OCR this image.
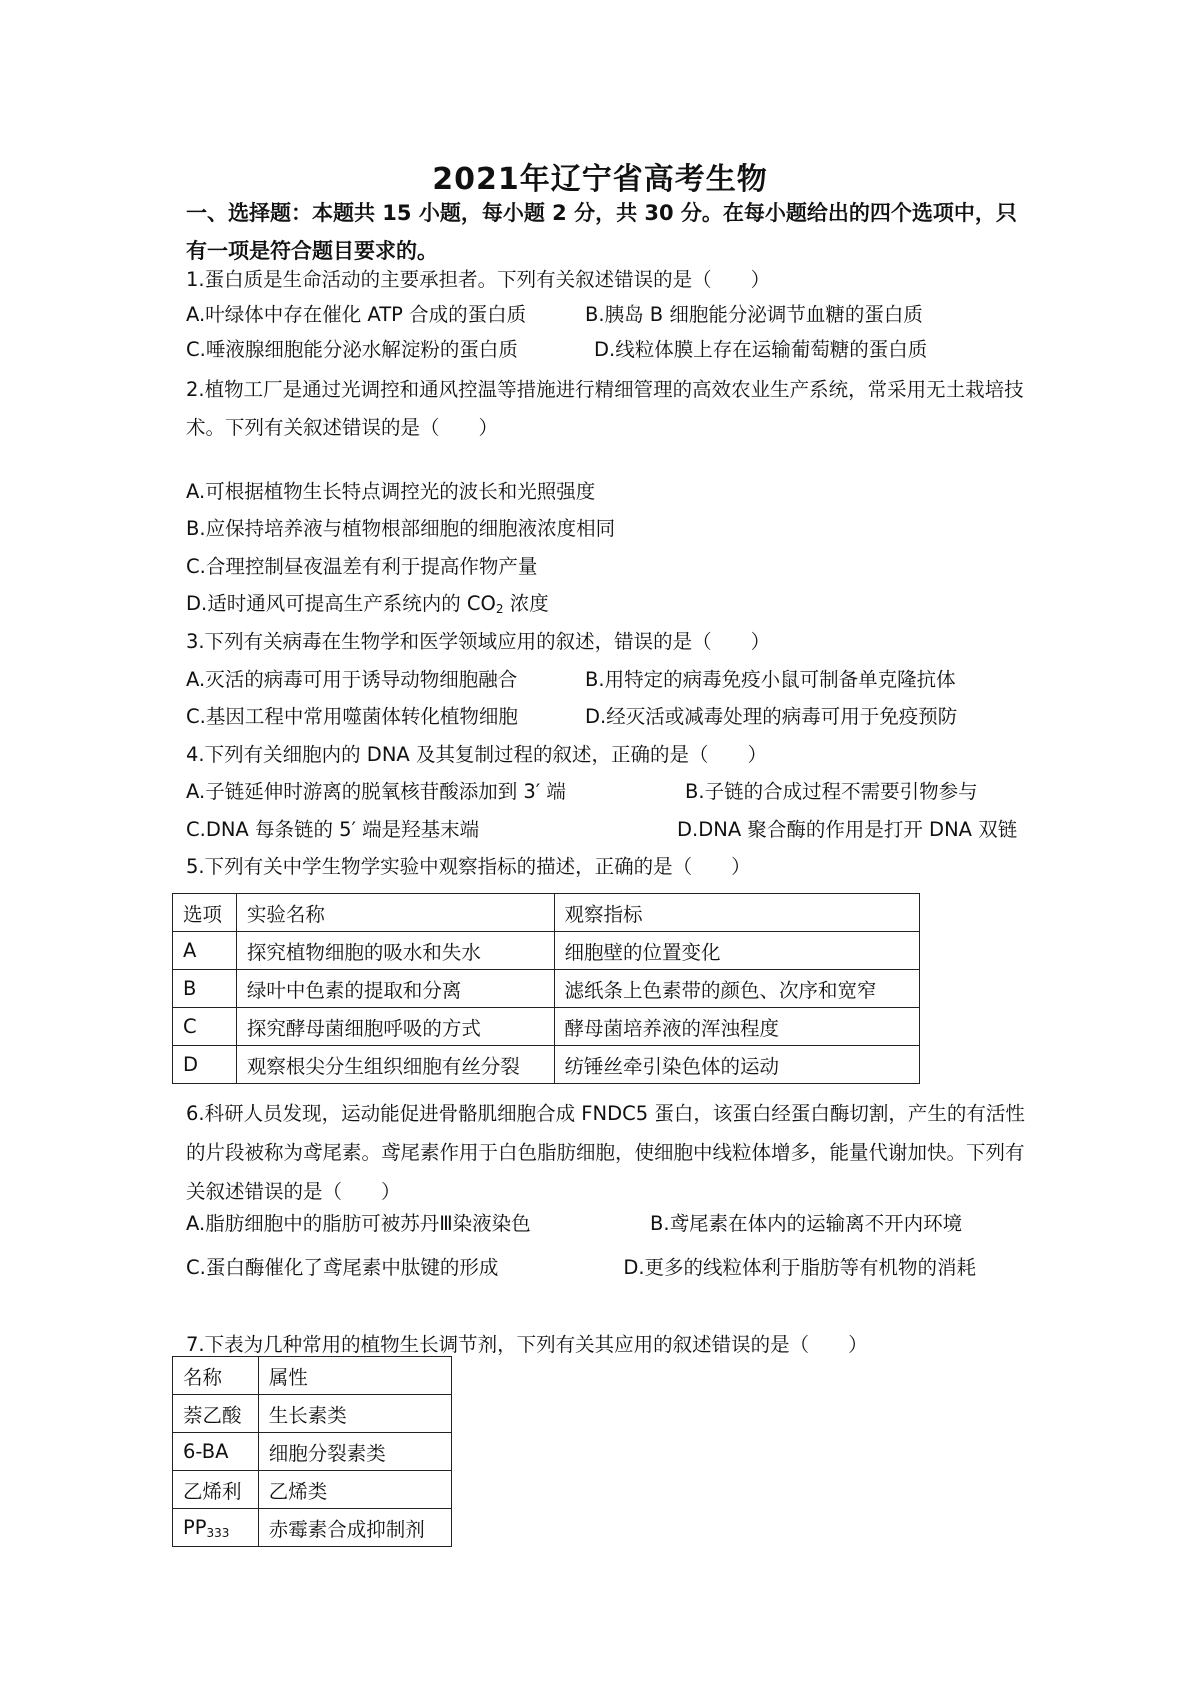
2021年辽宁省高考生物
一、选择题：本题共 15 小题，每小题 2 分，共 30 分。在每小题给出的四个选项中，只有一项是符合题目要求的。
1.蛋白质是生命活动的主要承担者。下列有关叙述错误的是（　　）
A.叶绿体中存在催化 ATP 合成的蛋白质	B.胰岛 B 细胞能分泌调节血糖的蛋白质
C.唾液腺细胞能分泌水解淀粉的蛋白质	D.线粒体膜上存在运输葡萄糖的蛋白质
2.植物工厂是通过光调控和通风控温等措施进行精细管理的高效农业生产系统，常采用无土栽培技术。下列有关叙述错误的是（　　）
A.可根据植物生长特点调控光的波长和光照强度
B.应保持培养液与植物根部细胞的细胞液浓度相同
C.合理控制昼夜温差有利于提高作物产量
D.适时通风可提高生产系统内的 $CO_2$ 浓度
3.下列有关病毒在生物学和医学领域应用的叙述，错误的是（　　）
A.灭活的病毒可用于诱导动物细胞融合	B.用特定的病毒免疫小鼠可制备单克隆抗体
C.基因工程中常用噬菌体转化植物细胞	D.经灭活或减毒处理的病毒可用于免疫预防
4.下列有关细胞内的 DNA 及其复制过程的叙述，正确的是（　　）
A.子链延伸时游离的脱氧核苷酸添加到 3′ 端	B.子链的合成过程不需要引物参与
C.DNA 每条链的 5′ 端是羟基末端	D.DNA 聚合酶的作用是打开 DNA 双链
5.下列有关中学生物学实验中观察指标的描述，正确的是（　　）
选项	实验名称	观察指标
A	探究植物细胞的吸水和失水	细胞壁的位置变化
B	绿叶中色素的提取和分离	滤纸条上色素带的颜色、次序和宽窄
C	探究酵母菌细胞呼吸的方式	酵母菌培养液的浑浊程度
D	观察根尖分生组织细胞有丝分裂	纺锤丝牵引染色体的运动
6.科研人员发现，运动能促进骨骼肌细胞合成 FNDC5 蛋白，该蛋白经蛋白酶切割，产生的有活性的片段被称为鸢尾素。鸢尾素作用于白色脂肪细胞，使细胞中线粒体增多，能量代谢加快。下列有关叙述错误的是（　　）
A.脂肪细胞中的脂肪可被苏丹Ⅲ染液染色	B.鸢尾素在体内的运输离不开内环境
C.蛋白酶催化了鸢尾素中肽键的形成	D.更多的线粒体利于脂肪等有机物的消耗
7.下表为几种常用的植物生长调节剂，下列有关其应用的叙述错误的是（　　）
名称	属性
萘乙酸	生长素类
6-BA	细胞分裂素类
乙烯利	乙烯类
$PP_{333}$	赤霉素合成抑制剂
